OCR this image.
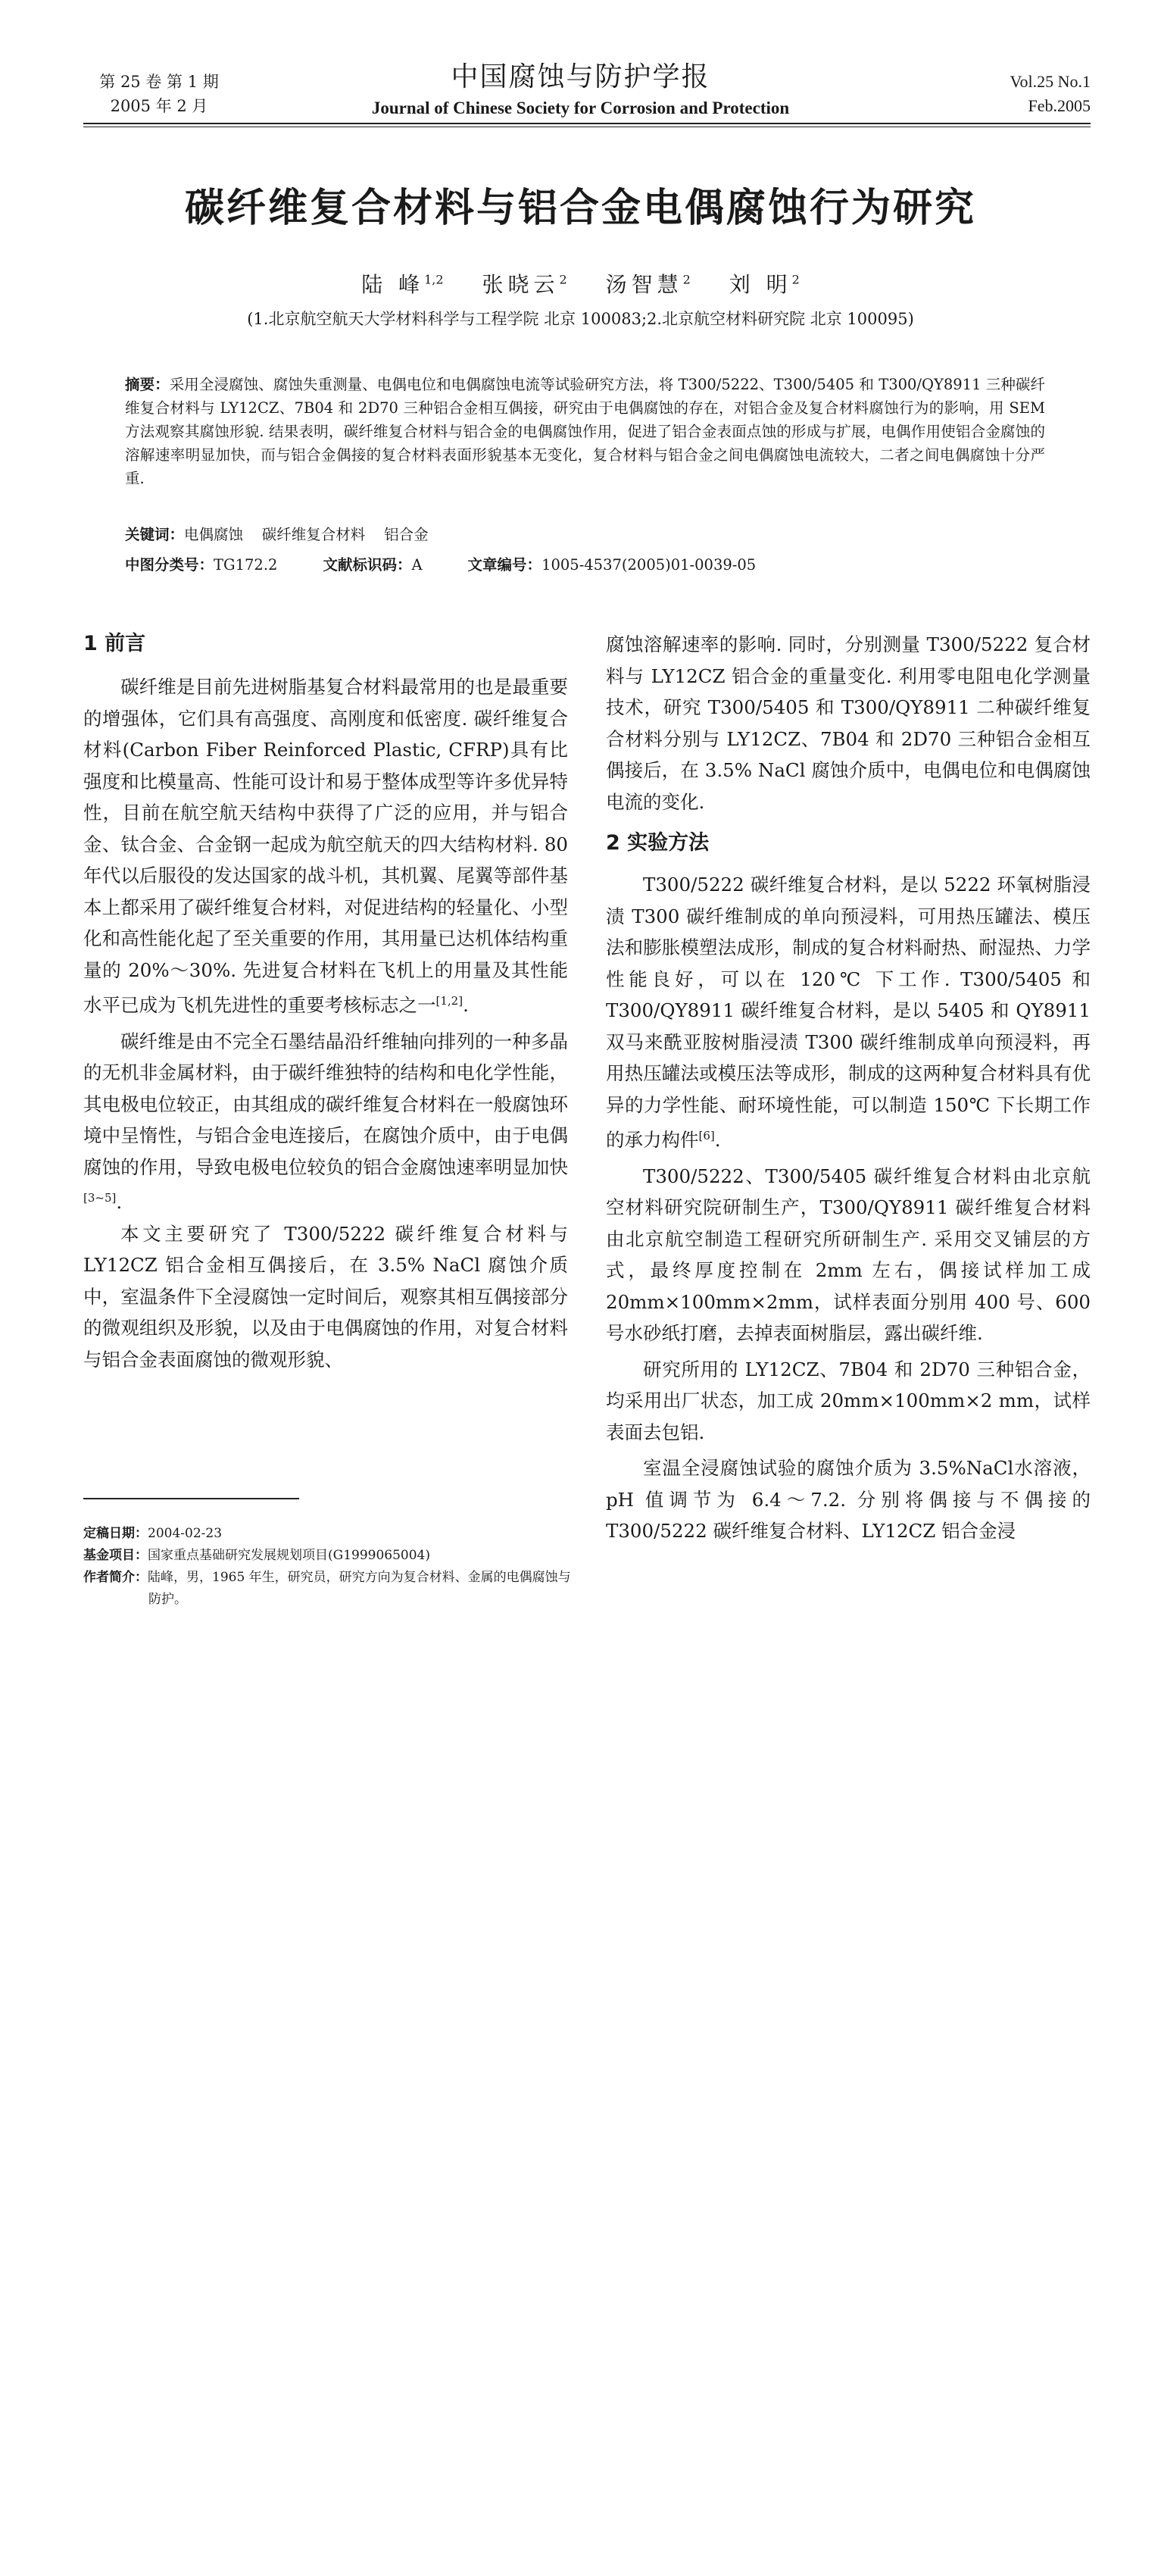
第 25 卷 第 1 期
2005 年 2 月
中国腐蚀与防护学报
Journal of Chinese Society for Corrosion and Protection
Vol.25 No.1
Feb.2005
碳纤维复合材料与铝合金电偶腐蚀行为研究
陆 峰$^{1,2}$ 张晓云$^2$ 汤智慧$^2$ 刘 明$^2$
(1.北京航空航天大学材料科学与工程学院 北京 100083;2.北京航空材料研究院 北京 100095)
摘要：采用全浸腐蚀、腐蚀失重测量、电偶电位和电偶腐蚀电流等试验研究方法，将 T300/5222、T300/5405 和 T300/QY8911 三种碳纤维复合材料与 LY12CZ、7B04 和 2D70 三种铝合金相互偶接，研究由于电偶腐蚀的存在，对铝合金及复合材料腐蚀行为的影响，用 SEM 方法观察其腐蚀形貌. 结果表明，碳纤维复合材料与铝合金的电偶腐蚀作用，促进了铝合金表面点蚀的形成与扩展，电偶作用使铝合金腐蚀的溶解速率明显加快，而与铝合金偶接的复合材料表面形貌基本无变化，复合材料与铝合金之间电偶腐蚀电流较大，二者之间电偶腐蚀十分严重.
关键词：电偶腐蚀    碳纤维复合材料    铝合金
中图分类号：TG172.2	文献标识码：A	文章编号：1005-4537(2005)01-0039-05
1 前言

碳纤维是目前先进树脂基复合材料最常用的也是最重要的增强体，它们具有高强度、高刚度和低密度. 碳纤维复合材料(Carbon Fiber Reinforced Plastic, CFRP)具有比强度和比模量高、性能可设计和易于整体成型等许多优异特性，目前在航空航天结构中获得了广泛的应用，并与铝合金、钛合金、合金钢一起成为航空航天的四大结构材料. 80 年代以后服役的发达国家的战斗机，其机翼、尾翼等部件基本上都采用了碳纤维复合材料，对促进结构的轻量化、小型化和高性能化起了至关重要的作用，其用量已达机体结构重量的 20%～30%. 先进复合材料在飞机上的用量及其性能水平已成为飞机先进性的重要考核标志之一[1,2].

碳纤维是由不完全石墨结晶沿纤维轴向排列的一种多晶的无机非金属材料，由于碳纤维独特的结构和电化学性能，其电极电位较正，由其组成的碳纤维复合材料在一般腐蚀环境中呈惰性，与铝合金电连接后，在腐蚀介质中，由于电偶腐蚀的作用，导致电极电位较负的铝合金腐蚀速率明显加快[3~5].

本文主要研究了 T300/5222 碳纤维复合材料与 LY12CZ 铝合金相互偶接后，在 3.5% NaCl 腐蚀介质中，室温条件下全浸腐蚀一定时间后，观察其相互偶接部分的微观组织及形貌，以及由于电偶腐蚀的作用，对复合材料与铝合金表面腐蚀的微观形貌、

腐蚀溶解速率的影响. 同时，分别测量 T300/5222 复合材料与 LY12CZ 铝合金的重量变化. 利用零电阻电化学测量技术，研究 T300/5405 和 T300/QY8911 二种碳纤维复合材料分别与 LY12CZ、7B04 和 2D70 三种铝合金相互偶接后，在 3.5% NaCl 腐蚀介质中，电偶电位和电偶腐蚀电流的变化.

2 实验方法

T300/5222 碳纤维复合材料，是以 5222 环氧树脂浸渍 T300 碳纤维制成的单向预浸料，可用热压罐法、模压法和膨胀模塑法成形，制成的复合材料耐热、耐湿热、力学性能良好，可以在 120℃ 下工作. T300/5405 和 T300/QY8911 碳纤维复合材料，是以 5405 和 QY8911 双马来酰亚胺树脂浸渍 T300 碳纤维制成单向预浸料，再用热压罐法或模压法等成形，制成的这两种复合材料具有优异的力学性能、耐环境性能，可以制造 150℃ 下长期工作的承力构件[6].

T300/5222、T300/5405 碳纤维复合材料由北京航空材料研究院研制生产，T300/QY8911 碳纤维复合材料由北京航空制造工程研究所研制生产. 采用交叉铺层的方式，最终厚度控制在 2mm 左右，偶接试样加工成 20mm×100mm×2mm，试样表面分别用 400 号、600 号水砂纸打磨，去掉表面树脂层，露出碳纤维.

研究所用的 LY12CZ、7B04 和 2D70 三种铝合金，均采用出厂状态，加工成 20mm×100mm×2 mm，试样表面去包铝.

室温全浸腐蚀试验的腐蚀介质为 3.5%NaCl水溶液，pH 值调节为 6.4～7.2. 分别将偶接与不偶接的 T300/5222 碳纤维复合材料、LY12CZ 铝合金浸

定稿日期：2004-02-23
基金项目：国家重点基础研究发展规划项目(G1999065004)
作者简介：陆峰，男，1965 年生，研究员，研究方向为复合材料、金属的电偶腐蚀与防护。
